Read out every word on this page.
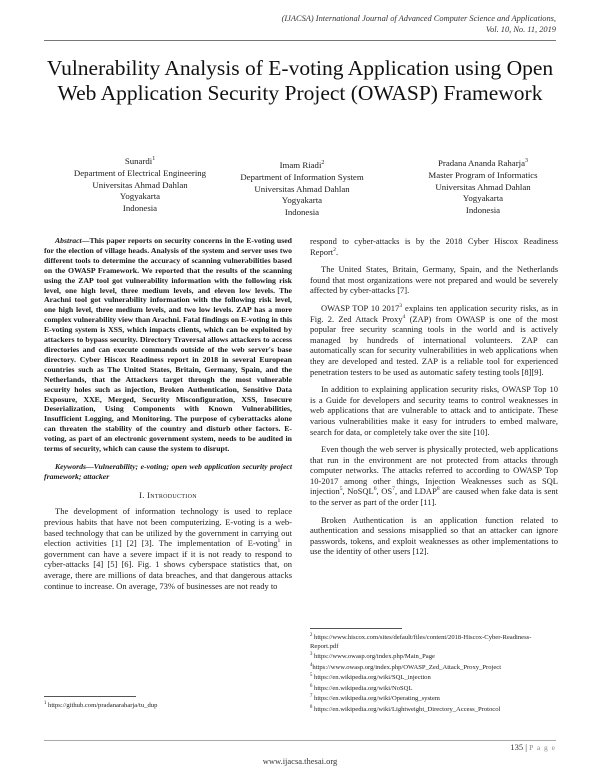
(IJACSA) International Journal of Advanced Computer Science and Applications,
Vol. 10, No. 11, 2019
Vulnerability Analysis of E-voting Application using Open Web Application Security Project (OWASP) Framework
Sunardi$^1$
Department of Electrical Engineering
Universitas Ahmad Dahlan
Yogyakarta
Indonesia
Imam Riadi$^2$
Department of Information System
Universitas Ahmad Dahlan
Yogyakarta
Indonesia
Pradana Ananda Raharja$^3$
Master Program of Informatics
Universitas Ahmad Dahlan
Yogyakarta
Indonesia
Abstract—This paper reports on security concerns in the E-voting used for the election of village heads. Analysis of the system and server uses two different tools to determine the accuracy of scanning vulnerabilities based on the OWASP Framework. We reported that the results of the scanning using the ZAP tool got vulnerability information with the following risk level, one high level, three medium levels, and eleven low levels. The Arachni tool got vulnerability information with the following risk level, one high level, three medium levels, and two low levels. ZAP has a more complex vulnerability view than Arachni. Fatal findings on E-voting in this E-voting system is XSS, which impacts clients, which can be exploited by attackers to bypass security. Directory Traversal allows attackers to access directories and can execute commands outside of the web server's base directory. Cyber Hiscox Readiness report in 2018 in several European countries such as The United States, Britain, Germany, Spain, and the Netherlands, that the Attackers target through the most vulnerable security holes such as injection, Broken Authentication, Sensitive Data Exposure, XXE, Merged, Security Misconfiguration, XSS, Insecure Deserialization, Using Components with Known Vulnerabilities, Insufficient Logging, and Monitoring. The purpose of cyberattacks alone can threaten the stability of the country and disturb other factors. E-voting, as part of an electronic government system, needs to be audited in terms of security, which can cause the system to disrupt.
Keywords—Vulnerability; e-voting; open web application security project framework; attacker
I. Introduction

The development of information technology is used to replace previous habits that have not been computerizing. E-voting is a web-based technology that can be utilized by the government in carrying out election activities [1] [2] [3]. The implementation of E-voting$^1$ in government can have a severe impact if it is not ready to respond to cyber-attacks [4] [5] [6]. Fig. 1 shows cyberspace statistics that, on average, there are millions of data breaches, and that dangerous attacks continue to increase. On average, 73% of businesses are not ready to

$^1$ https://github.com/pradanaraharja/tu_dup

respond to cyber-attacks is by the 2018 Cyber Hiscox Readiness Report$^2$.

The United States, Britain, Germany, Spain, and the Netherlands found that most organizations were not prepared and would be severely affected by cyber-attacks [7].

OWASP TOP 10 2017$^3$ explains ten application security risks, as in Fig. 2. Zed Attack Proxy$^4$ (ZAP) from OWASP is one of the most popular free security scanning tools in the world and is actively managed by hundreds of international volunteers. ZAP can automatically scan for security vulnerabilities in web applications when they are developed and tested. ZAP is a reliable tool for experienced penetration testers to be used as automatic safety testing tools [8][9].

In addition to explaining application security risks, OWASP Top 10 is a Guide for developers and security teams to control weaknesses in web applications that are vulnerable to attack and to anticipate. These various vulnerabilities make it easy for intruders to embed malware, search for data, or completely take over the site [10].

Even though the web server is physically protected, web applications that run in the environment are not protected from attacks through computer networks. The attacks referred to according to OWASP Top 10-2017 among other things, Injection Weaknesses such as SQL injection$^5$, NoSQL$^6$, $OS^7$, and LDAP$^8$ are caused when fake data is sent to the server as part of the order [11].

Broken Authentication is an application function related to authentication and sessions misapplied so that an attacker can ignore passwords, tokens, and exploit weaknesses as other implementations to use the identity of other users [12].

$^2$ https://www.hiscox.com/sites/default/files/content/2018-Hiscox-Cyber-Readiness-Report.pdf
$^3$ https://www.owasp.org/index.php/Main_Page
$^4$https://www.owasp.org/index.php/OWASP_Zed_Attack_Proxy_Project
$^5$ https://en.wikipedia.org/wiki/SQL_injection
$^6$ https://en.wikipedia.org/wiki/NoSQL
$^7$ https://en.wikipedia.org/wiki/Operating_system
$^8$ https://en.wikipedia.org/wiki/Lightweight_Directory_Access_Protocol
135 | P a g e
www.ijacsa.thesai.org
